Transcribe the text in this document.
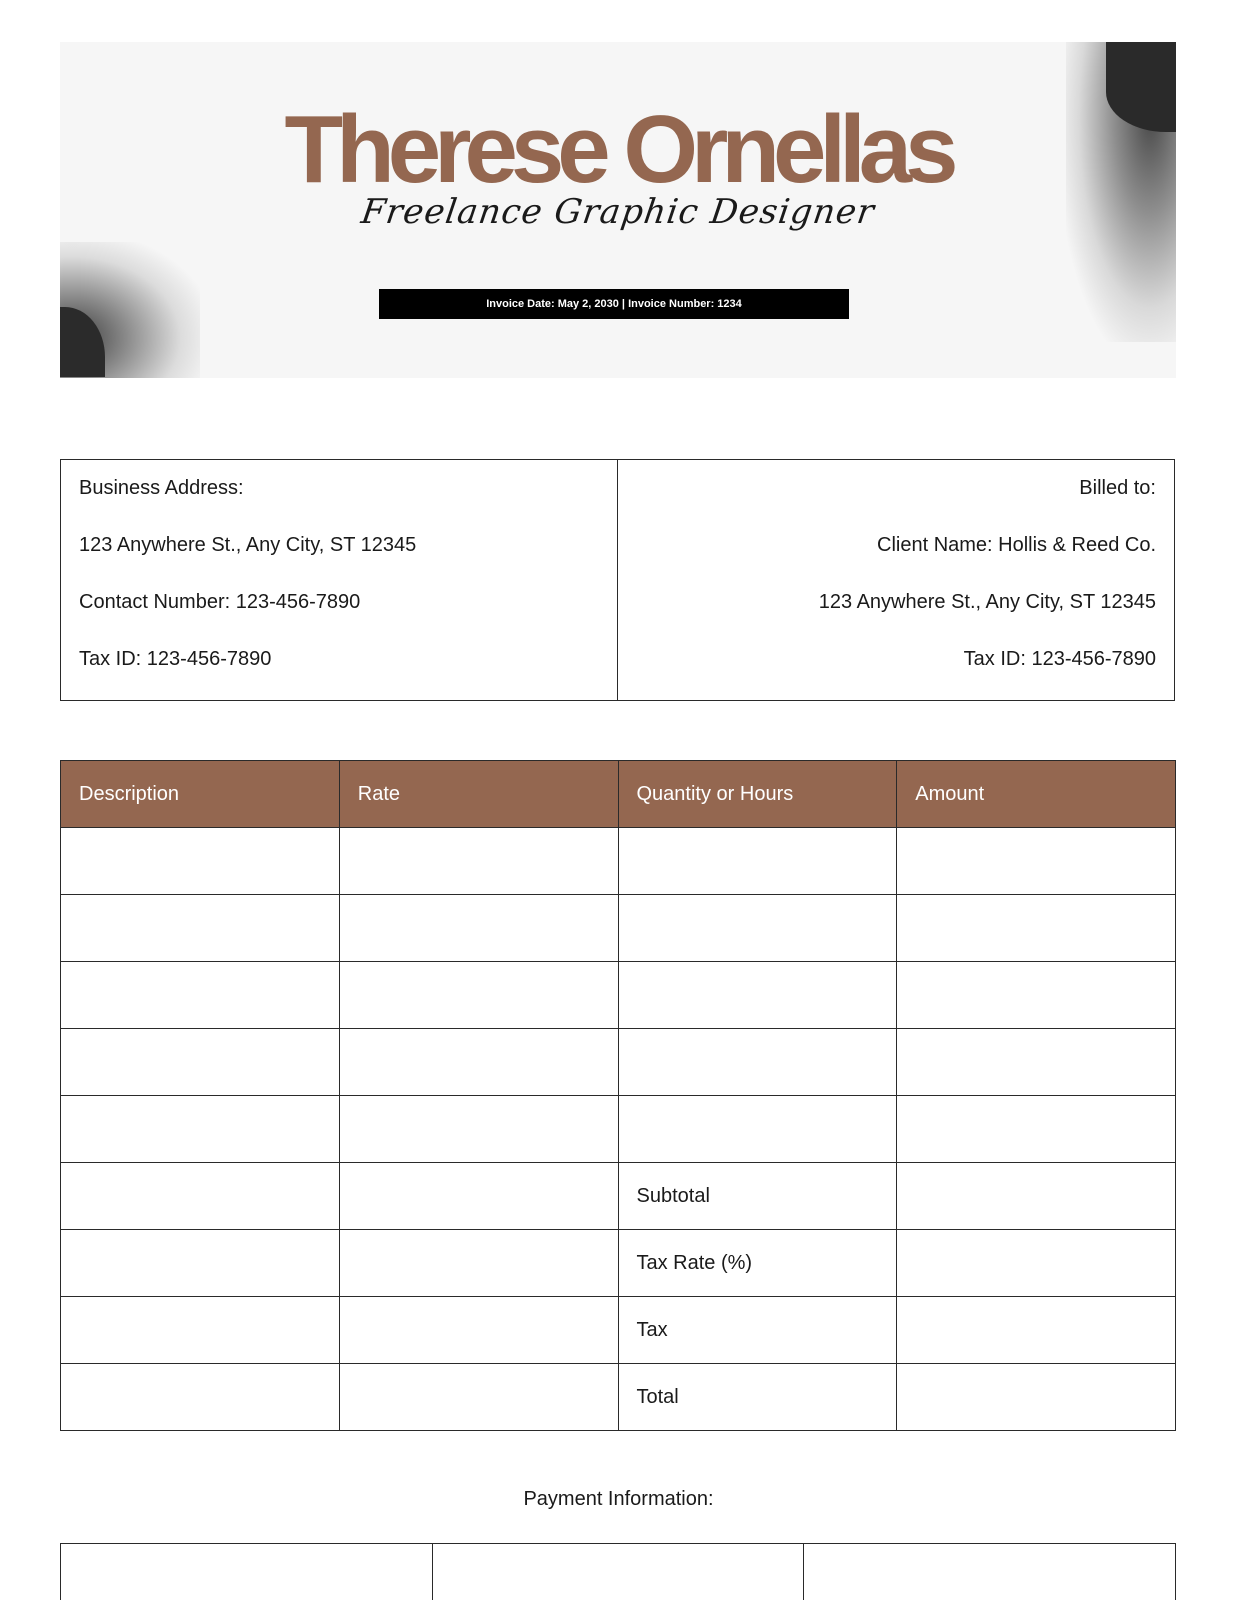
Therese Ornellas
Freelance Graphic Designer
Invoice Date: May 2, 2030 | Invoice Number: 1234
Business Address:
123 Anywhere St., Any City, ST 12345
Contact Number: 123-456-7890
Tax ID: 123-456-7890
Billed to:
Client Name: Hollis & Reed Co.
123 Anywhere St., Any City, ST 12345
Tax ID: 123-456-7890
Description	Rate	Quantity or Hours	Amount

		Subtotal	
		Tax Rate (%)	
		Tax	
		Total	
Payment Information:
